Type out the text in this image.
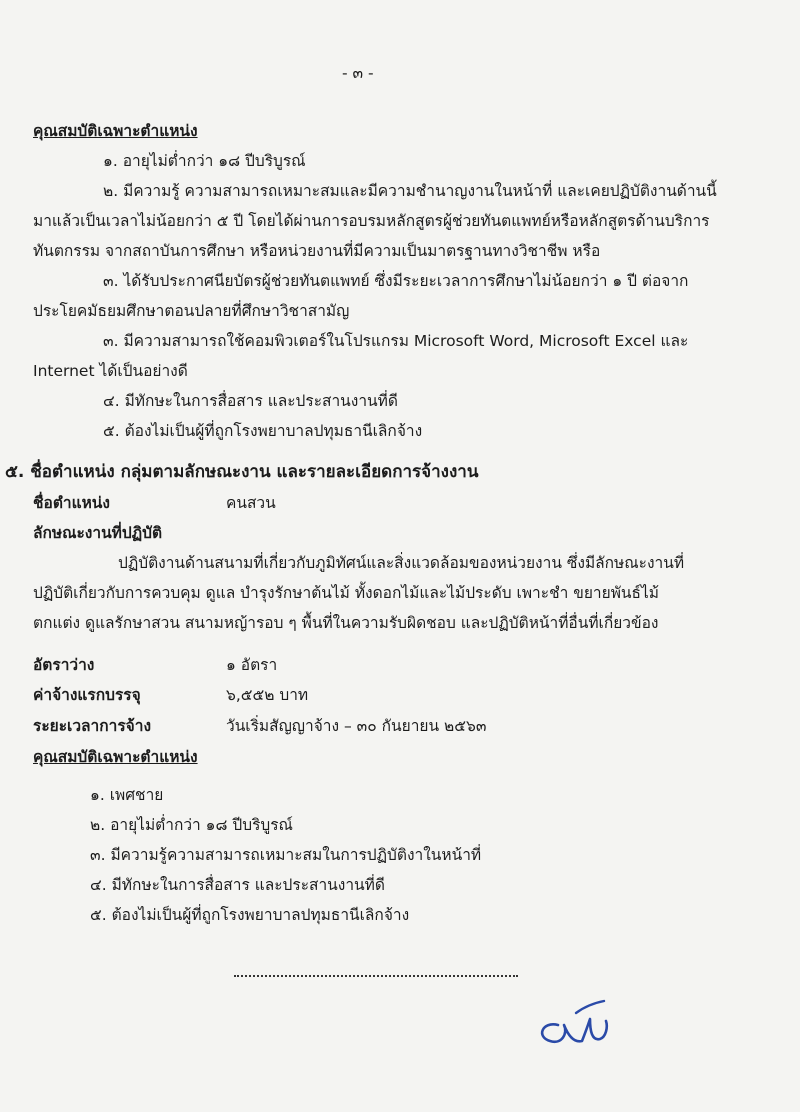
- ๓ -
คุณสมบัติเฉพาะตำแหน่ง
๑. อายุไม่ต่ำกว่า ๑๘ ปีบริบูรณ์
๒. มีความรู้ ความสามารถเหมาะสมและมีความชำนาญงานในหน้าที่ และเคยปฏิบัติงานด้านนี้
มาแล้วเป็นเวลาไม่น้อยกว่า ๕ ปี โดยได้ผ่านการอบรมหลักสูตรผู้ช่วยทันตแพทย์หรือหลักสูตรด้านบริการ
ทันตกรรม จากสถาบันการศึกษา หรือหน่วยงานที่มีความเป็นมาตรฐานทางวิชาชีพ หรือ
๓. ได้รับประกาศนียบัตรผู้ช่วยทันตแพทย์ ซึ่งมีระยะเวลาการศึกษาไม่น้อยกว่า ๑ ปี ต่อจาก
ประโยคมัธยมศึกษาตอนปลายที่ศึกษาวิชาสามัญ
๓. มีความสามารถใช้คอมพิวเตอร์ในโปรแกรม Microsoft Word, Microsoft Excel และ
Internet ได้เป็นอย่างดี
๔. มีทักษะในการสื่อสาร และประสานงานที่ดี
๕. ต้องไม่เป็นผู้ที่ถูกโรงพยาบาลปทุมธานีเลิกจ้าง
๕. ชื่อตำแหน่ง กลุ่มตามลักษณะงาน และรายละเอียดการจ้างงาน
ชื่อตำแหน่ง	คนสวน
ลักษณะงานที่ปฏิบัติ
ปฏิบัติงานด้านสนามที่เกี่ยวกับภูมิทัศน์และสิ่งแวดล้อมของหน่วยงาน ซึ่งมีลักษณะงานที่
ปฏิบัติเกี่ยวกับการควบคุม ดูแล บำรุงรักษาต้นไม้ ทั้งดอกไม้และไม้ประดับ เพาะชำ ขยายพันธ์ไม้
ตกแต่ง ดูแลรักษาสวน สนามหญ้ารอบ ๆ พื้นที่ในความรับผิดชอบ และปฏิบัติหน้าที่อื่นที่เกี่ยวข้อง
อัตราว่าง	๑ อัตรา
ค่าจ้างแรกบรรจุ	๖,๕๕๒ บาท
ระยะเวลาการจ้าง	วันเริ่มสัญญาจ้าง – ๓๐ กันยายน ๒๕๖๓
คุณสมบัติเฉพาะตำแหน่ง
๑. เพศชาย
๒. อายุไม่ต่ำกว่า ๑๘ ปีบริบูรณ์
๓. มีความรู้ความสามารถเหมาะสมในการปฏิบัติงาในหน้าที่
๔. มีทักษะในการสื่อสาร และประสานงานที่ดี
๕. ต้องไม่เป็นผู้ที่ถูกโรงพยาบาลปทุมธานีเลิกจ้าง
